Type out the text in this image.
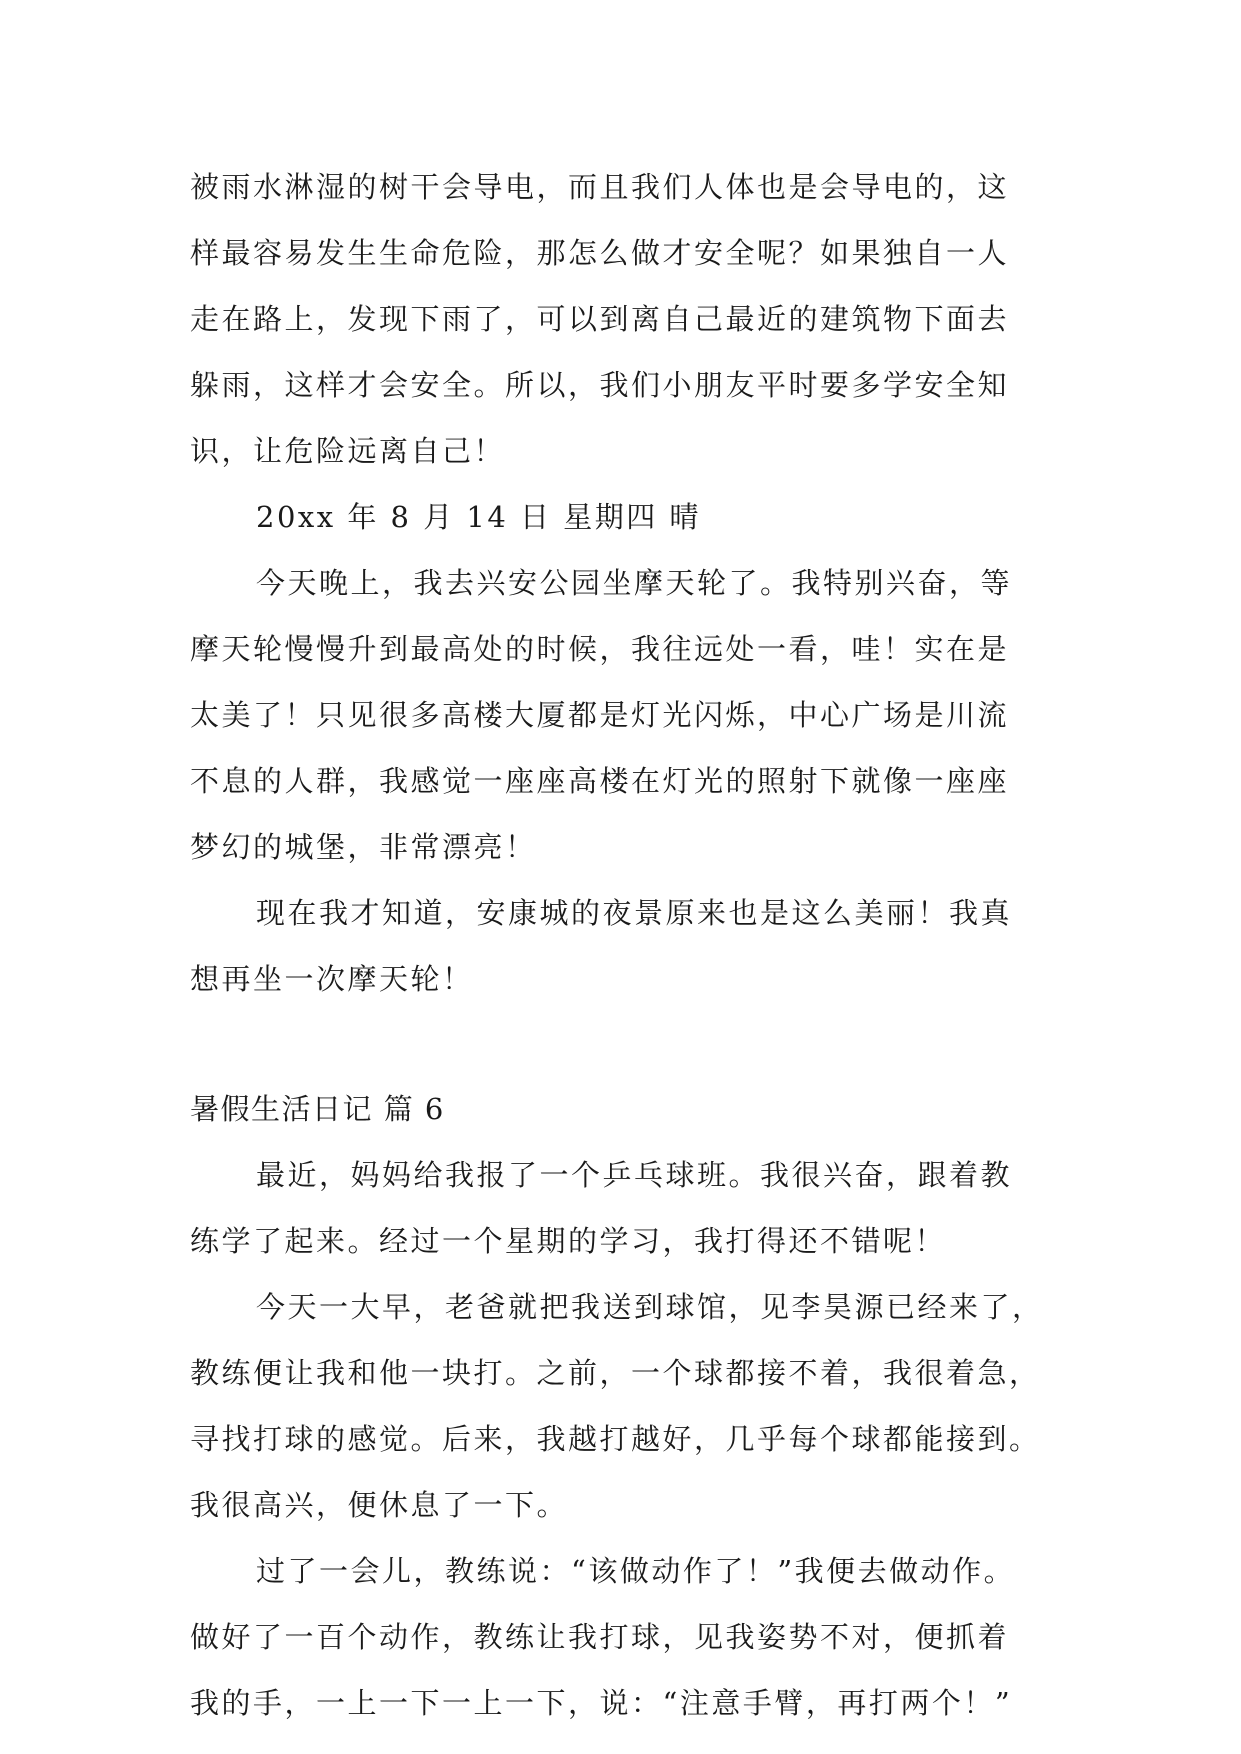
被雨水淋湿的树干会导电，而且我们人体也是会导电的，这
样最容易发生生命危险，那怎么做才安全呢？如果独自一人
走在路上，发现下雨了，可以到离自己最近的建筑物下面去
躲雨，这样才会安全。所以，我们小朋友平时要多学安全知
识，让危险远离自己！
20xx 年 8 月 14 日 星期四 晴
今天晚上，我去兴安公园坐摩天轮了。我特别兴奋，等
摩天轮慢慢升到最高处的时候，我往远处一看，哇！实在是
太美了！只见很多高楼大厦都是灯光闪烁，中心广场是川流
不息的人群，我感觉一座座高楼在灯光的照射下就像一座座
梦幻的城堡，非常漂亮！
现在我才知道，安康城的夜景原来也是这么美丽！我真
想再坐一次摩天轮！
暑假生活日记 篇 6
最近，妈妈给我报了一个乒乓球班。我很兴奋，跟着教
练学了起来。经过一个星期的学习，我打得还不错呢！
今天一大早，老爸就把我送到球馆，见李昊源已经来了，
教练便让我和他一块打。之前，一个球都接不着，我很着急，
寻找打球的感觉。后来，我越打越好，几乎每个球都能接到。
我很高兴，便休息了一下。
过了一会儿，教练说：“该做动作了！”我便去做动作。
做好了一百个动作，教练让我打球，见我姿势不对，便抓着
我的手，一上一下一上一下，说：“注意手臂，再打两个！”
